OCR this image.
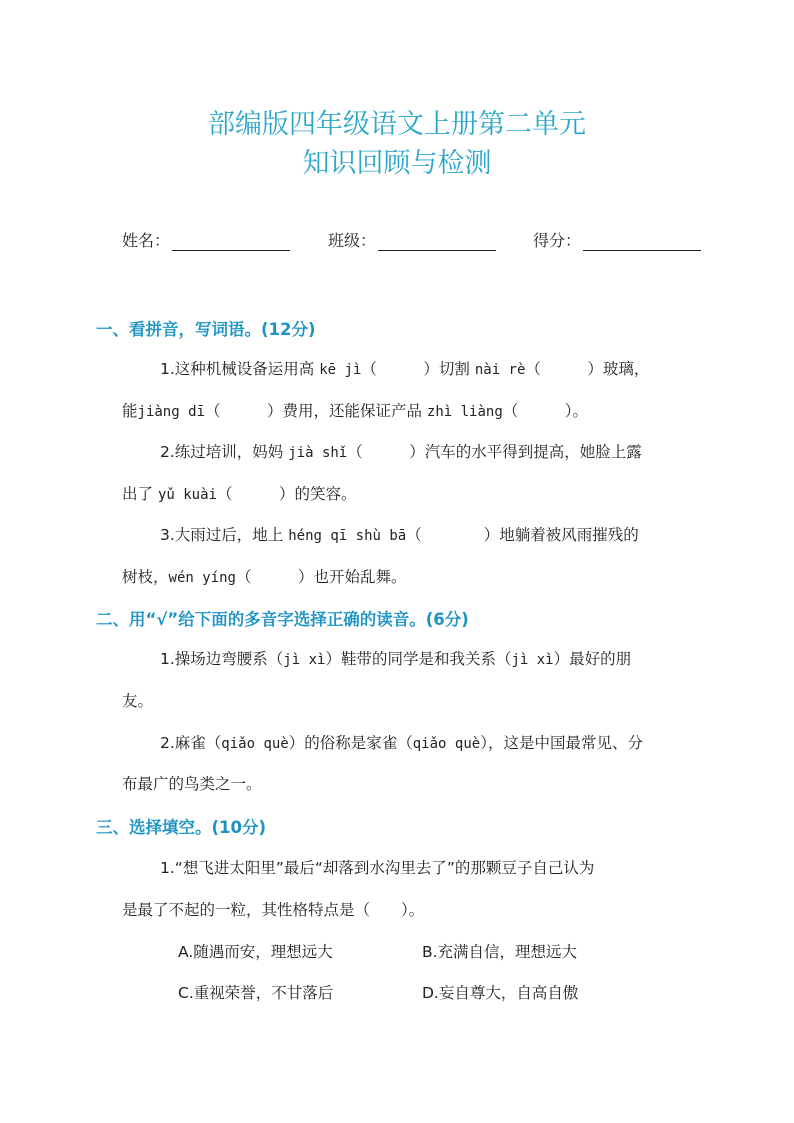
部编版四年级语文上册第二单元
知识回顾与检测
姓名：	班级：	得分：
一、看拼音，写词语。(12分)
1.这种机械设备运用高 kē jì（　　　）切割 nài rè（　　　）玻璃，
能jiàng dī（　　　）费用，还能保证产品 zhì liàng（　　　）。
2.练过培训，妈妈 jià shǐ（　　　）汽车的水平得到提高，她脸上露
出了 yǔ kuài（　　　）的笑容。
3.大雨过后，地上 héng qī shù bā（　　　　）地躺着被风雨摧残的
树枝，wén yíng（　　　）也开始乱舞。
二、用“√”给下面的多音字选择正确的读音。(6分)
1.操场边弯腰系（jì xì）鞋带的同学是和我关系（jì xì）最好的朋
友。
2.麻雀（qiǎo què）的俗称是家雀（qiǎo què），这是中国最常见、分
布最广的鸟类之一。
三、选择填空。(10分)
1.“想飞进太阳里”最后“却落到水沟里去了”的那颗豆子自己认为
是最了不起的一粒，其性格特点是（　　）。
A.随遇而安，理想远大	B.充满自信，理想远大
C.重视荣誉，不甘落后	D.妄自尊大，自高自傲
